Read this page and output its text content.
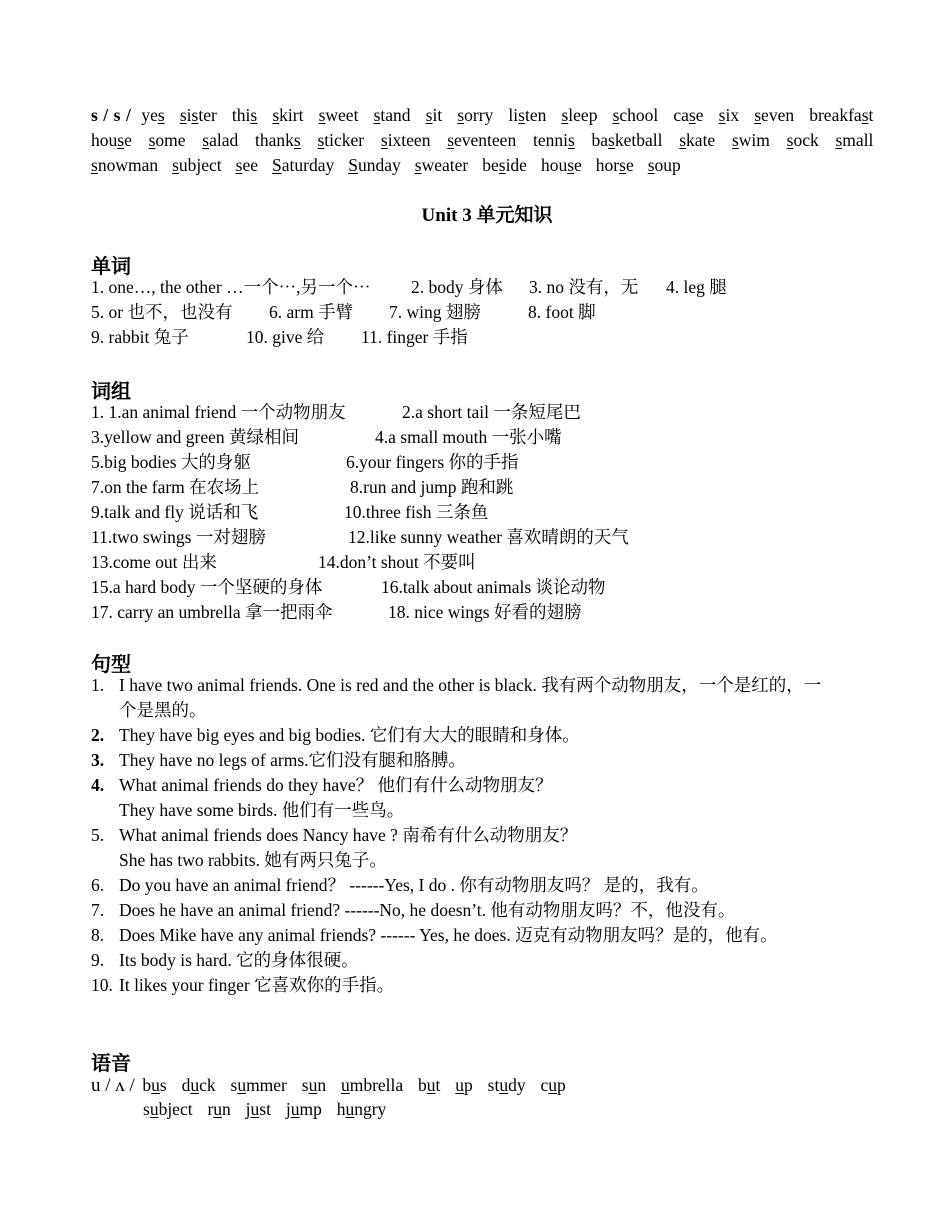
s / s / yes sister this skirt sweet stand sit sorry listen sleep school case six seven breakfast house some salad thanks sticker sixteen seventeen tennis basketball skate swim sock small snowman subject see Saturday Sunday sweater beside house horse soup
Unit 3 单元知识
单词
1. one…, the other …一个⋯,另一个⋯ 2. body 身体 3. no 没有，无 4. leg 腿
5. or 也不，也没有 6. arm 手臂 7. wing 翅膀	8. foot 脚
9. rabbit 兔子	10. give 给 11. finger 手指
词组
1. 1.an animal friend 一个动物朋友	2.a short tail 一条短尾巴
3.yellow and green 黄绿相间	4.a small mouth 一张小嘴
5.big bodies 大的身躯	6.your fingers 你的手指
7.on the farm 在农场上	8.run and jump 跑和跳
9.talk and fly 说话和飞	10.three fish 三条鱼
11.two swings 一对翅膀	12.like sunny weather 喜欢晴朗的天气
13.come out 出来	14.don’t shout 不要叫
15.a hard body 一个坚硬的身体	16.talk about animals 谈论动物
17. carry an umbrella 拿一把雨伞	18. nice wings 好看的翅膀
句型
1. I have two animal friends. One is red and the other is black. 我有两个动物朋友，一个是红的，一
个是黑的。
2. They have big eyes and big bodies. 它们有大大的眼睛和身体。
3. They have no legs of arms.它们没有腿和胳膊。
4. What animal friends do they have？ 他们有什么动物朋友？
They have some birds. 他们有一些鸟。
5. What animal friends does Nancy have ? 南希有什么动物朋友？
She has two rabbits. 她有两只兔子。
6. Do you have an animal friend？ ------Yes, I do . 你有动物朋友吗？ 是的，我有。
7. Does he have an animal friend? ------No, he doesn’t. 他有动物朋友吗？不，他没有。
8. Does Mike have any animal friends? ------ Yes, he does. 迈克有动物朋友吗？是的，他有。
9. Its body is hard. 它的身体很硬。
10. It likes your finger 它喜欢你的手指。
语音
u / ʌ / bus duck summer sun umbrella but up study cup
subject run just jump hungry
